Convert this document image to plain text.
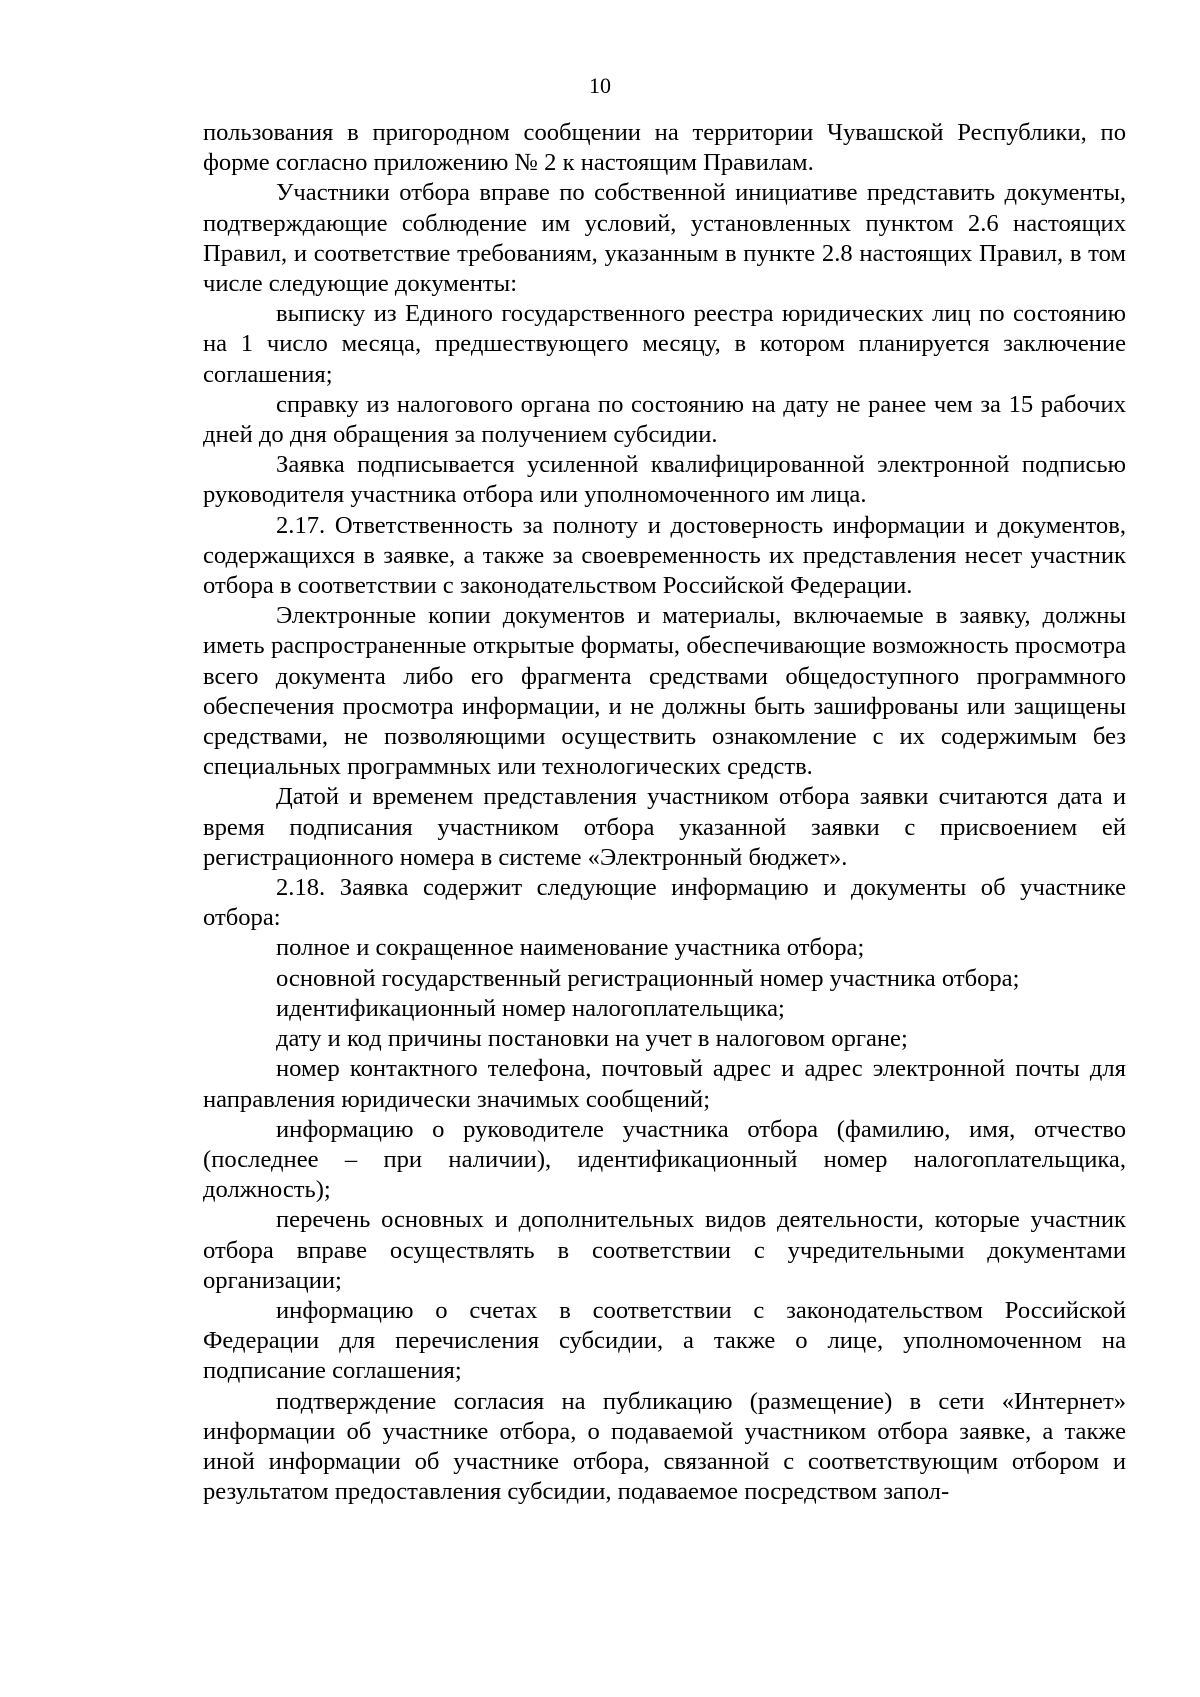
10

пользования в пригородном сообщении на территории Чувашской Республики, по форме согласно приложению № 2 к настоящим Правилам.

Участники отбора вправе по собственной инициативе представить документы, подтверждающие соблюдение им условий, установленных пунктом 2.6 настоящих Правил, и соответствие требованиям, указанным в пункте 2.8 настоящих Правил, в том числе следующие документы:

выписку из Единого государственного реестра юридических лиц по состоянию на 1 число месяца, предшествующего месяцу, в котором планируется заключение соглашения;

справку из налогового органа по состоянию на дату не ранее чем за 15 рабочих дней до дня обращения за получением субсидии.

Заявка подписывается усиленной квалифицированной электронной подписью руководителя участника отбора или уполномоченного им лица.

2.17. Ответственность за полноту и достоверность информации и документов, содержащихся в заявке, а также за своевременность их представления несет участник отбора в соответствии с законодательством Российской Федерации.

Электронные копии документов и материалы, включаемые в заявку, должны иметь распространенные открытые форматы, обеспечивающие возможность просмотра всего документа либо его фрагмента средствами общедоступного программного обеспечения просмотра информации, и не должны быть зашифрованы или защищены средствами, не позволяющими осуществить ознакомление с их содержимым без специальных программных или технологических средств.

Датой и временем представления участником отбора заявки считаются дата и время подписания участником отбора указанной заявки с присвоением ей регистрационного номера в системе «Электронный бюджет».

2.18. Заявка содержит следующие информацию и документы об участнике отбора:

полное и сокращенное наименование участника отбора;

основной государственный регистрационный номер участника отбора;

идентификационный номер налогоплательщика;

дату и код причины постановки на учет в налоговом органе;

номер контактного телефона, почтовый адрес и адрес электронной почты для направления юридически значимых сообщений;

информацию о руководителе участника отбора (фамилию, имя, отчество (последнее – при наличии), идентификационный номер налогоплательщика, должность);

перечень основных и дополнительных видов деятельности, которые участник отбора вправе осуществлять в соответствии с учредительными документами организации;

информацию о счетах в соответствии с законодательством Российской Федерации для перечисления субсидии, а также о лице, уполномоченном на подписание соглашения;

подтверждение согласия на публикацию (размещение) в сети «Интернет» информации об участнике отбора, о подаваемой участником отбора заявке, а также иной информации об участнике отбора, связанной с соответствующим отбором и результатом предоставления субсидии, подаваемое посредством запол-
